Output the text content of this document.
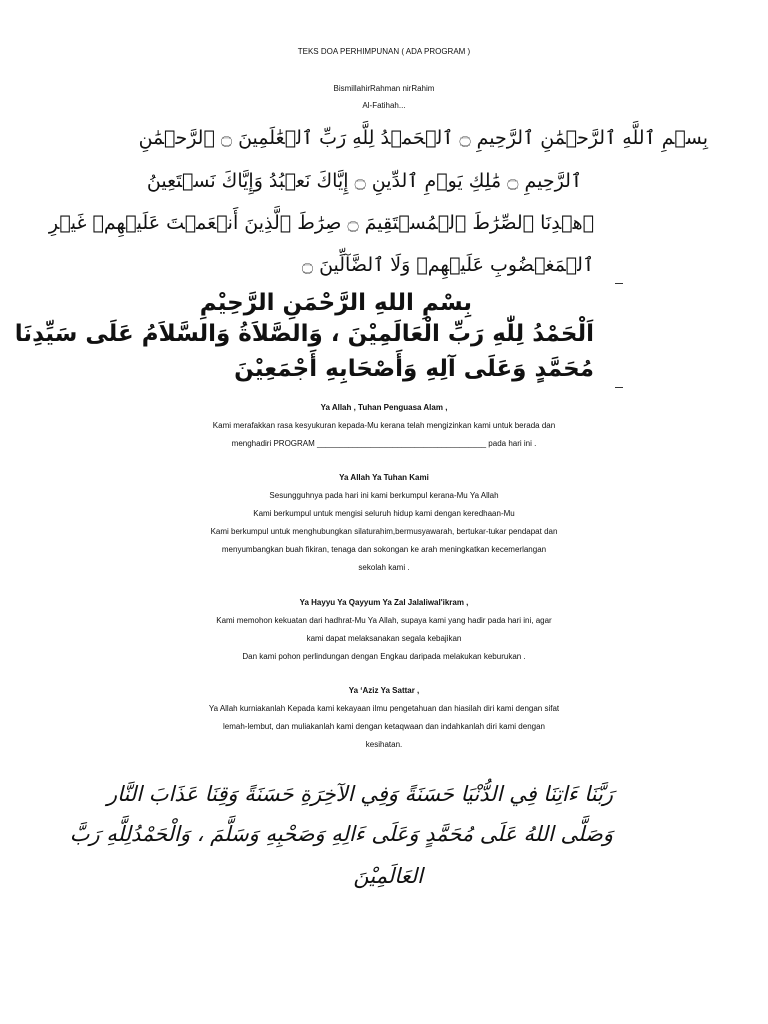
TEKS DOA PERHIMPUNAN ( ADA PROGRAM )
BismillahirRahman nirRahim
Al-Fatihah...
بِسۡمِ ٱللَّهِ ٱلرَّحۡمَٰنِ ٱلرَّحِيمِ ۝ ٱلۡحَمۡدُ لِلَّهِ رَبِّ ٱلۡعَٰلَمِينَ ۝ ٱلرَّحۡمَٰنِ
ٱلرَّحِيمِ ۝ مَٰلِكِ يَوۡمِ ٱلدِّينِ ۝ إِيَّاكَ نَعۡبُدُ وَإِيَّاكَ نَسۡتَعِينُ
ٱهۡدِنَا ٱلصِّرَٰطَ ٱلۡمُسۡتَقِيمَ ۝ صِرَٰطَ ٱلَّذِينَ أَنۡعَمۡتَ عَلَيۡهِمۡ غَيۡرِ
ٱلۡمَغۡضُوبِ عَلَيۡهِمۡ وَلَا ٱلضَّآلِّينَ ۝
بِسْمِ اللهِ الرَّحْمَنِ الرَّحِيْمِ
اَلْحَمْدُ لِلّٰهِ رَبِّ الْعَالَمِيْنَ ، وَالصَّلاَةُ وَالسَّلاَمُ عَلَى سَيِّدِنَا
مُحَمَّدٍ وَعَلَى آلِهِ وَأَصْحَابِهِ أَجْمَعِيْنَ
Ya Allah , Tuhan Penguasa Alam ,
Kami merafakkan rasa kesyukuran kepada-Mu kerana telah mengizinkan kami untuk berada dan
menghadiri PROGRAM ______________________________________ pada hari ini .
Ya Allah Ya Tuhan Kami
Sesungguhnya pada hari ini kami berkumpul kerana-Mu Ya Allah
Kami berkumpul untuk mengisi seluruh hidup kami dengan keredhaan-Mu
Kami berkumpul untuk menghubungkan silaturahim,bermusyawarah, bertukar-tukar pendapat dan
menyumbangkan buah fikiran, tenaga dan sokongan ke arah meningkatkan kecemerlangan
sekolah kami .
Ya Hayyu Ya Qayyum Ya Zal Jalaliwal'ikram ,
Kami memohon kekuatan dari hadhrat-Mu Ya Allah, supaya kami yang hadir pada hari ini, agar
kami dapat melaksanakan segala kebajikan
Dan kami pohon perlindungan dengan Engkau daripada melakukan keburukan .
Ya ‘Aziz Ya Sattar ,
Ya Allah kurniakanlah Kepada kami kekayaan ilmu pengetahuan dan hiasilah diri kami dengan sifat
lemah-lembut, dan muliakanlah kami dengan ketaqwaan dan indahkanlah diri kami dengan
kesihatan.
رَبَّنَا ءَاتِنَا فِي الدُّنْيَا حَسَنَةً وَفِي الآخِرَةِ حَسَنَةً وَقِنَا عَذَابَ النَّار
وَصَلَّى اللهُ عَلَى مُحَمَّدٍ وَعَلَى ءَالِهِ وَصَحْبِهِ وَسَلَّمَ ، وَالْحَمْدُلِلَّهِ رَبَّ
العَالَمِيْنَ
